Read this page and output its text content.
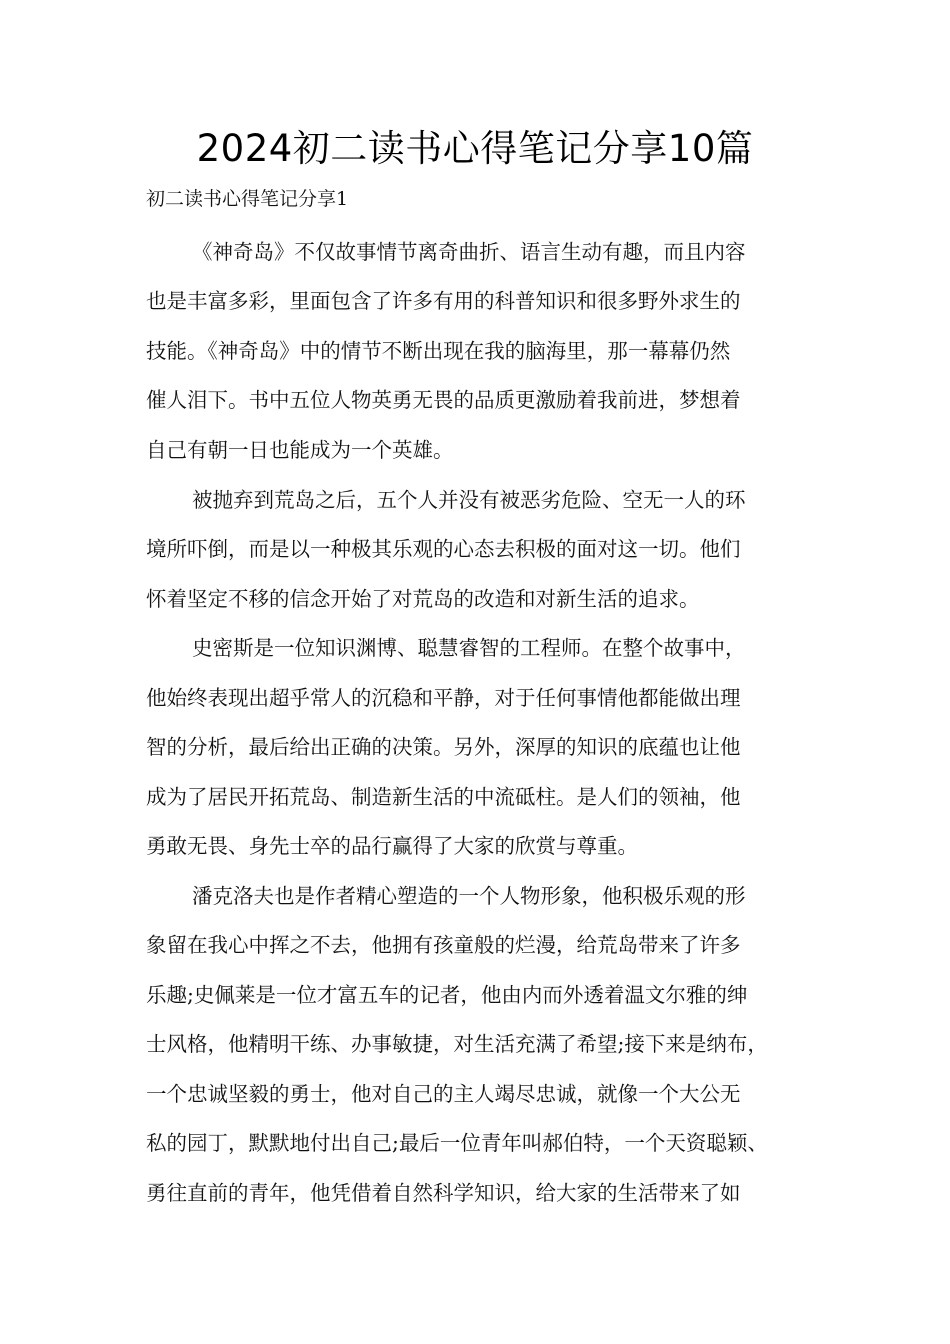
2024初二读书心得笔记分享10篇
初二读书心得笔记分享1

《神奇岛》不仅故事情节离奇曲折、语言生动有趣，而且内容

也是丰富多彩，里面包含了许多有用的科普知识和很多野外求生的

技能。《神奇岛》中的情节不断出现在我的脑海里，那一幕幕仍然

催人泪下。书中五位人物英勇无畏的品质更激励着我前进，梦想着

自己有朝一日也能成为一个英雄。

被抛弃到荒岛之后，五个人并没有被恶劣危险、空无一人的环

境所吓倒，而是以一种极其乐观的心态去积极的面对这一切。他们

怀着坚定不移的信念开始了对荒岛的改造和对新生活的追求。

史密斯是一位知识渊博、聪慧睿智的工程师。在整个故事中，

他始终表现出超乎常人的沉稳和平静，对于任何事情他都能做出理

智的分析，最后给出正确的决策。另外，深厚的知识的底蕴也让他

成为了居民开拓荒岛、制造新生活的中流砥柱。是人们的领袖，他

勇敢无畏、身先士卒的品行赢得了大家的欣赏与尊重。

潘克洛夫也是作者精心塑造的一个人物形象，他积极乐观的形

象留在我心中挥之不去，他拥有孩童般的烂漫，给荒岛带来了许多

乐趣;史佩莱是一位才富五车的记者，他由内而外透着温文尔雅的绅

士风格，他精明干练、办事敏捷，对生活充满了希望;接下来是纳布，

一个忠诚坚毅的勇士，他对自己的主人竭尽忠诚，就像一个大公无

私的园丁，默默地付出自己;最后一位青年叫郝伯特，一个天资聪颖、

勇往直前的青年，他凭借着自然科学知识，给大家的生活带来了如
